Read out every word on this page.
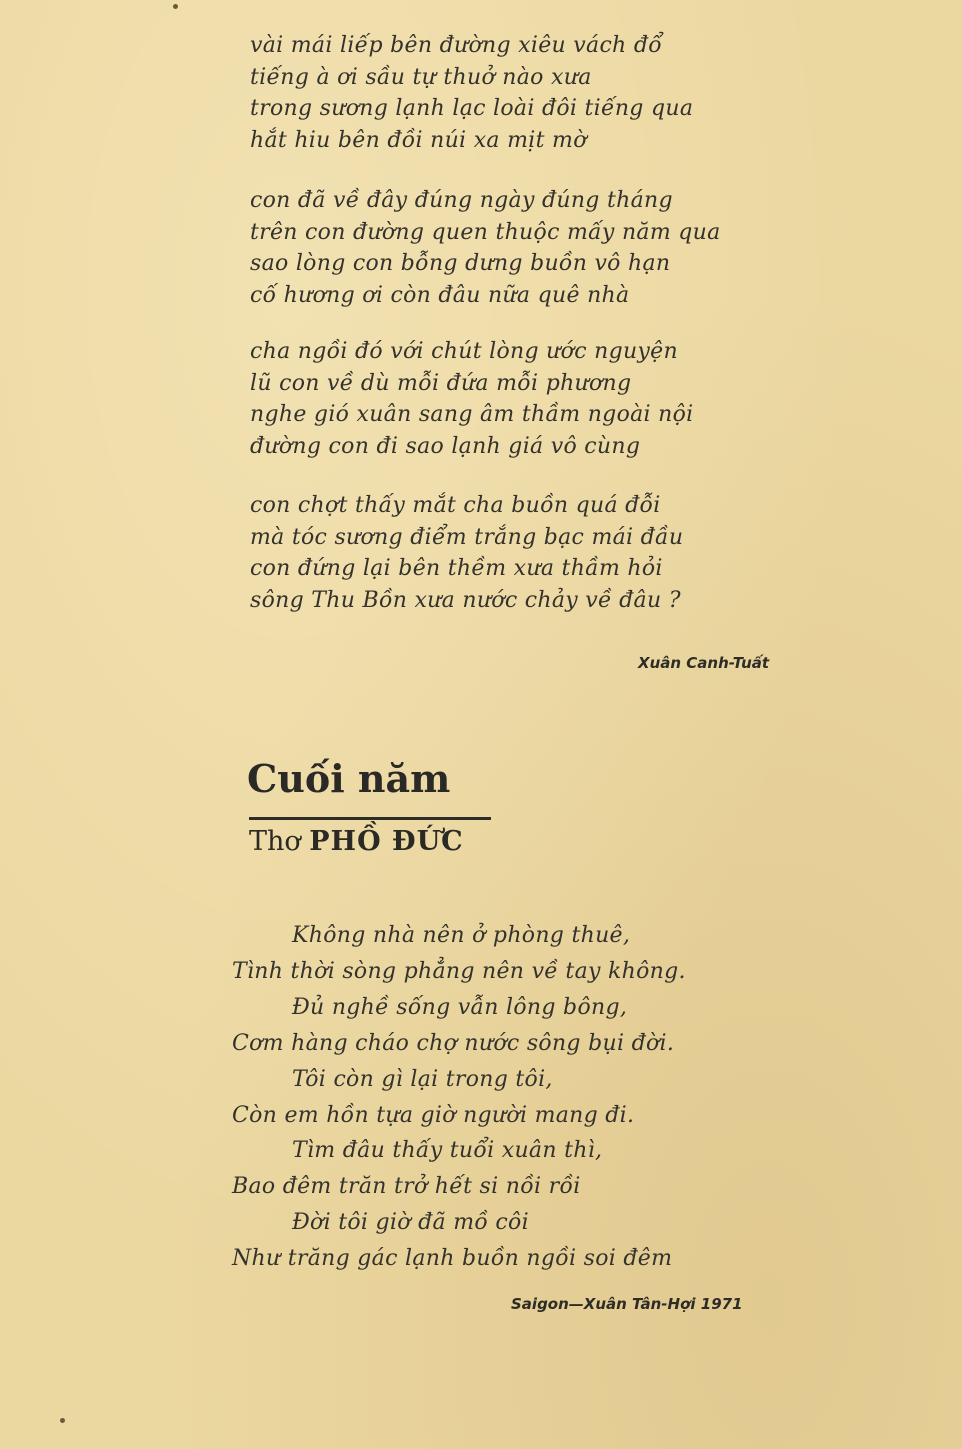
vài mái liếp bên đường xiêu vách đổ
tiếng à ơi sầu tự thuở nào xưa
trong sương lạnh lạc loài đôi tiếng qua
hắt hiu bên đồi núi xa mịt mờ
con đã về đây đúng ngày đúng tháng
trên con đường quen thuộc mấy năm qua
sao lòng con bỗng dưng buồn vô hạn
cố hương ơi còn đâu nữa quê nhà
cha ngồi đó với chút lòng ước nguyện
lũ con về dù mỗi đứa mỗi phương
nghe gió xuân sang âm thầm ngoài nội
đường con đi sao lạnh giá vô cùng
con chợt thấy mắt cha buồn quá đỗi
mà tóc sương điểm trắng bạc mái đầu
con đứng lại bên thềm xưa thầm hỏi
sông Thu Bồn xưa nước chảy về đâu ?
Xuân Canh-Tuất
Cuối năm
Thơ PHỒ ĐỨC
Không nhà nên ở phòng thuê,
Tình thời sòng phẳng nên về tay không.
Đủ nghề sống vẫn lông bông,
Cơm hàng cháo chợ nước sông bụi đời.
Tôi còn gì lại trong tôi,
Còn em hồn tựa giờ người mang đi.
Tìm đâu thấy tuổi xuân thì,
Bao đêm trăn trở hết si nồi rồi
Đời tôi giờ đã mồ côi
Như trăng gác lạnh buồn ngồi soi đêm
Saigon—Xuân Tân-Hợi 1971
